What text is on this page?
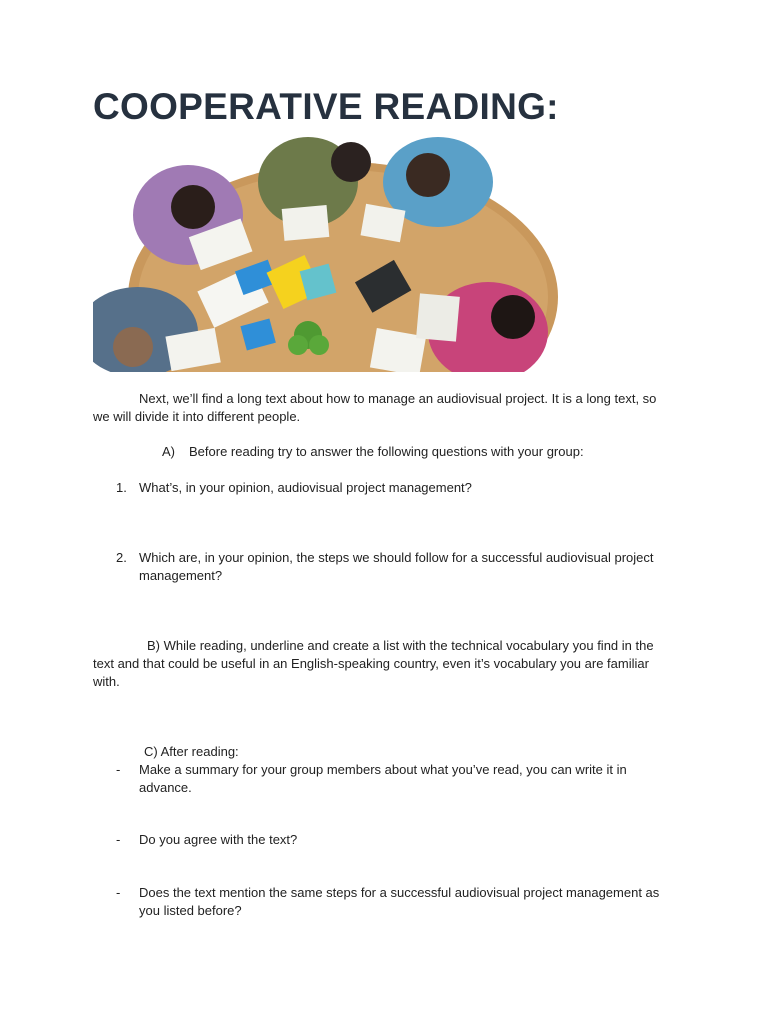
COOPERATIVE READING:

Next, we’ll find a long text about how to manage an audiovisual project. It is a long text, so we will divide it into different people.

A) Before reading try to answer the following questions with your group:
1. What’s, in your opinion, audiovisual project management?
2. Which are, in your opinion, the steps we should follow for a successful audiovisual project management?

B) While reading, underline and create a list with the technical vocabulary you find in the text and that could be useful in an English-speaking country, even it’s vocabulary you are familiar with.

C) After reading:
- Make a summary for your group members about what you’ve read, you can write it in advance.
- Do you agree with the text?
- Does the text mention the same steps for a successful audiovisual project management as you listed before?
